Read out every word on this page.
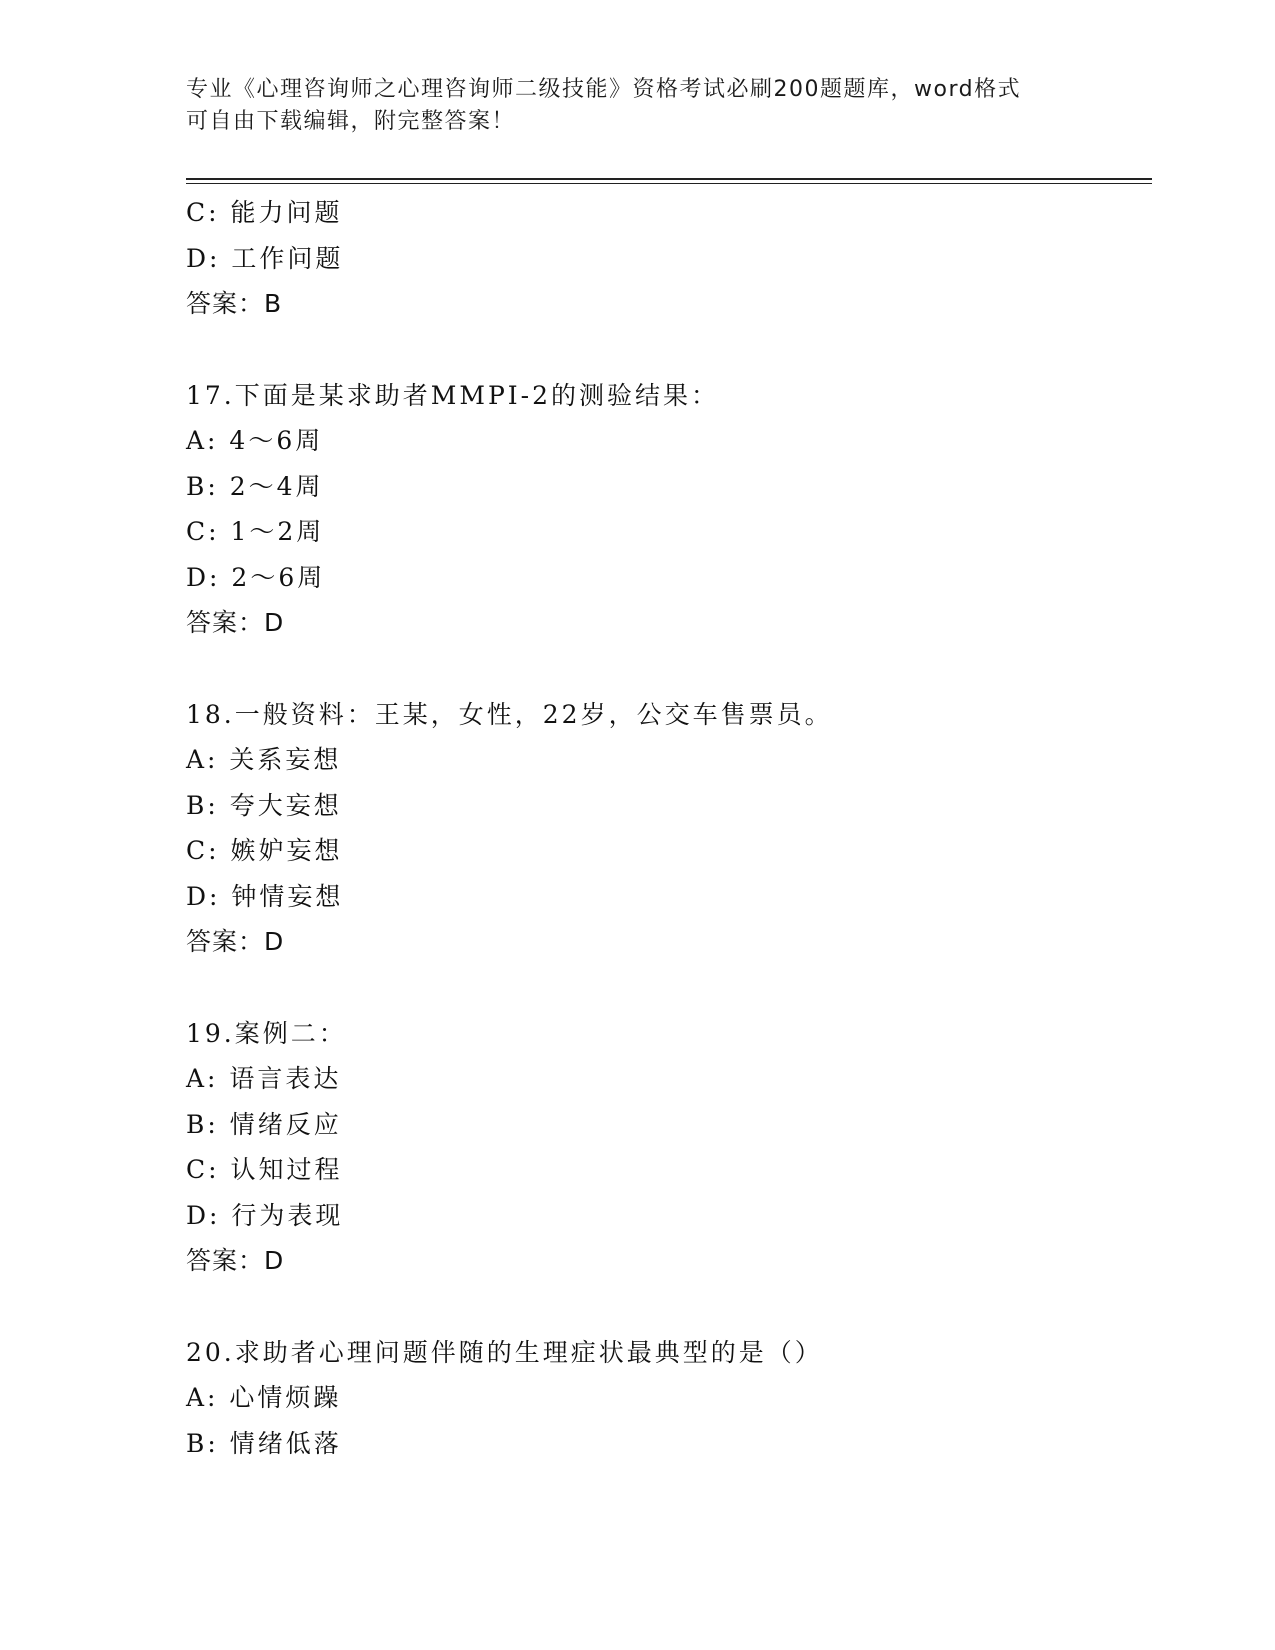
专业《心理咨询师之心理咨询师二级技能》资格考试必刷200题题库，word格式
可自由下载编辑，附完整答案！
C: 能力问题
D: 工作问题
答案：B
17.下面是某求助者MMPI-2的测验结果：
A: 4～6周
B: 2～4周
C: 1～2周
D: 2～6周
答案：D
18.一般资料：王某，女性，22岁，公交车售票员。
A: 关系妄想
B: 夸大妄想
C: 嫉妒妄想
D: 钟情妄想
答案：D
19.案例二：
A: 语言表达
B: 情绪反应
C: 认知过程
D: 行为表现
答案：D
20.求助者心理问题伴随的生理症状最典型的是（）
A: 心情烦躁
B: 情绪低落
